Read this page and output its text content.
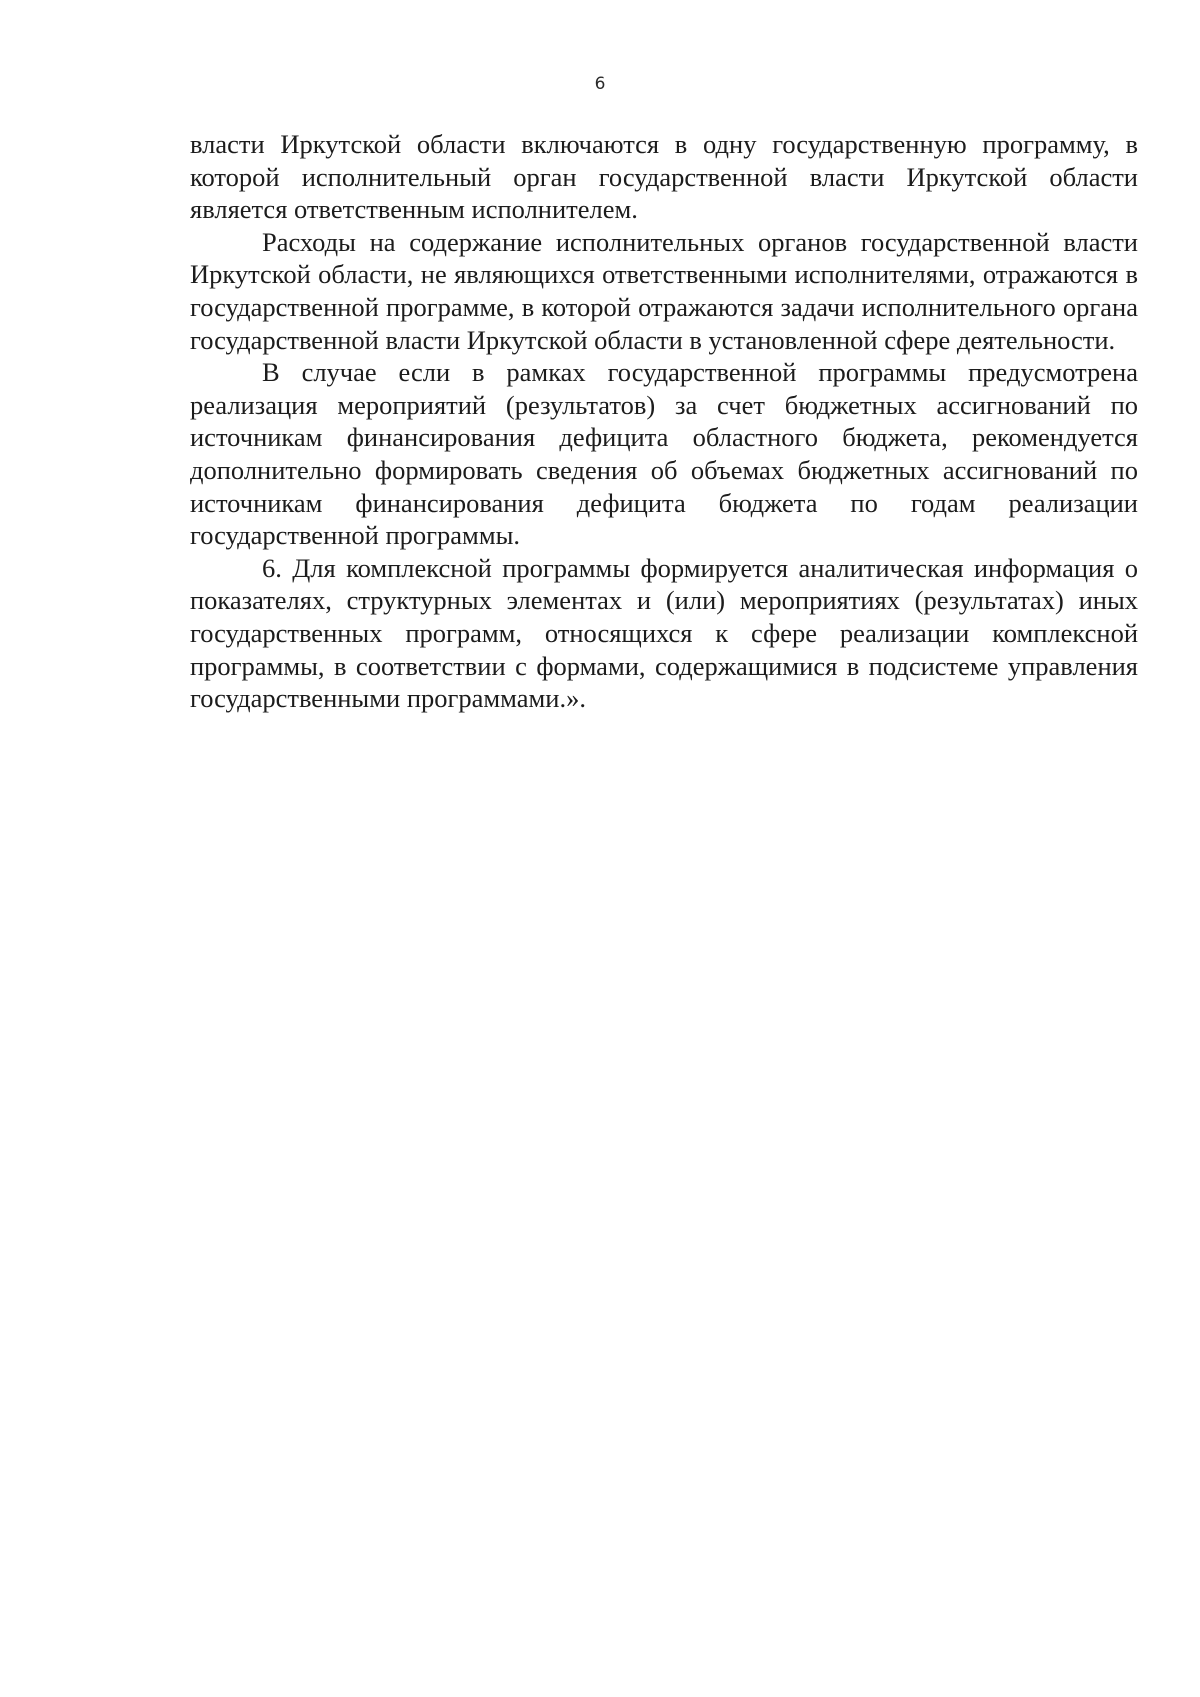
6

власти Иркутской области включаются в одну государственную программу, в которой исполнительный орган государственной власти Иркутской области является ответственным исполнителем.

Расходы на содержание исполнительных органов государственной власти Иркутской области, не являющихся ответственными исполнителями, отражаются в государственной программе, в которой отражаются задачи исполнительного органа государственной власти Иркутской области в установленной сфере деятельности.

В случае если в рамках государственной программы предусмотрена реализация мероприятий (результатов) за счет бюджетных ассигнований по источникам финансирования дефицита областного бюджета, рекомендуется дополнительно формировать сведения об объемах бюджетных ассигнований по источникам финансирования дефицита бюджета по годам реализации государственной программы.

6. Для комплексной программы формируется аналитическая информация о показателях, структурных элементах и (или) мероприятиях (результатах) иных государственных программ, относящихся к сфере реализации комплексной программы, в соответствии с формами, содержащимися в подсистеме управления государственными программами.».
